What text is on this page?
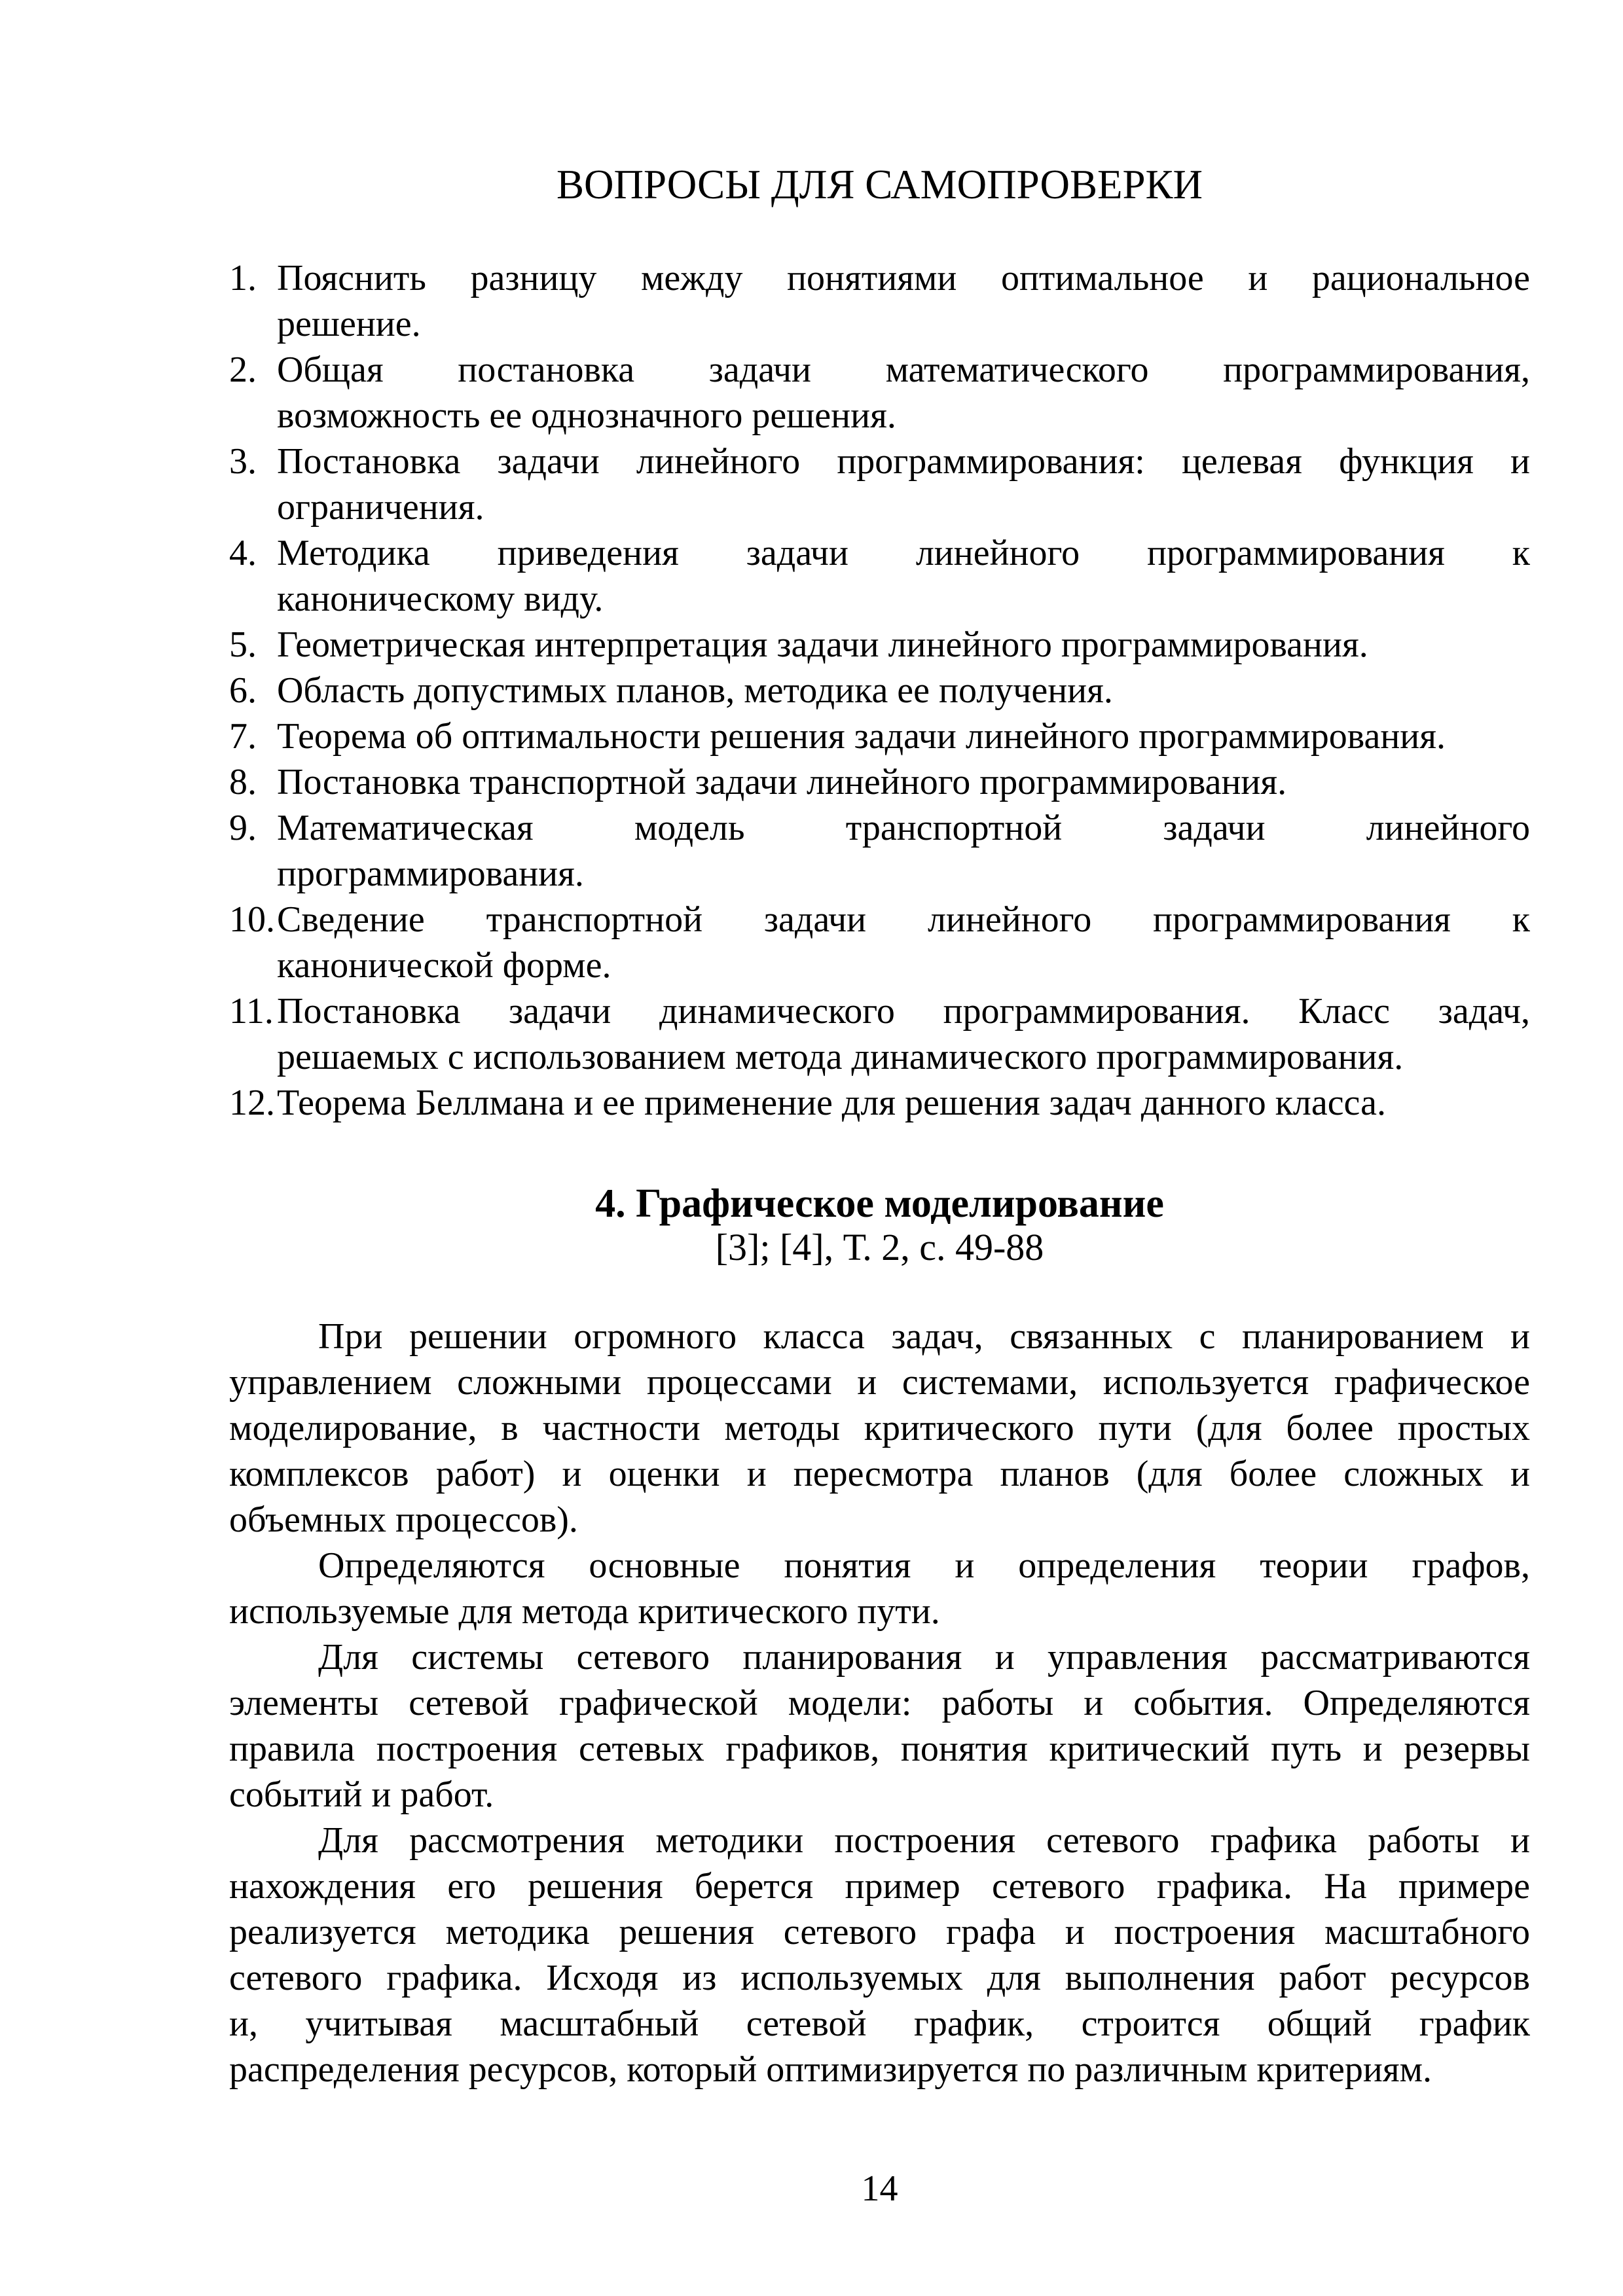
ВОПРОСЫ ДЛЯ САМОПРОВЕРКИ
1. Пояснить разницу между понятиями оптимальное и рациональное
решение.
2. Общая постановка задачи математического программирования,
возможность ее однозначного решения.
3. Постановка задачи линейного программирования: целевая функция и
ограничения.
4. Методика приведения задачи линейного программирования к
каноническому виду.
5. Геометрическая интерпретация задачи линейного программирования.
6. Область допустимых планов, методика ее получения.
7. Теорема об оптимальности решения задачи линейного программирования.
8. Постановка транспортной задачи линейного программирования.
9. Математическая модель транспортной задачи линейного
программирования.
10. Сведение транспортной задачи линейного программирования к
канонической форме.
11. Постановка задачи динамического программирования. Класс задач,
решаемых с использованием метода динамического программирования.
12. Теорема Беллмана и ее применение для решения задач данного класса.
4. Графическое моделирование
[3]; [4], Т. 2, с. 49-88
При решении огромного класса задач, связанных с планированием и
управлением сложными процессами и системами, используется графическое
моделирование, в частности методы критического пути (для более простых
комплексов работ) и оценки и пересмотра планов (для более сложных и
объемных процессов).
Определяются основные понятия и определения теории графов,
используемые для метода критического пути.
Для системы сетевого планирования и управления рассматриваются
элементы сетевой графической модели: работы и события. Определяются
правила построения сетевых графиков, понятия критический путь и резервы
событий и работ.
Для рассмотрения методики построения сетевого графика работы и
нахождения его решения берется пример сетевого графика. На примере
реализуется методика решения сетевого графа и построения масштабного
сетевого графика. Исходя из используемых для выполнения работ ресурсов
и, учитывая масштабный сетевой график, строится общий график
распределения ресурсов, который оптимизируется по различным критериям.
14
